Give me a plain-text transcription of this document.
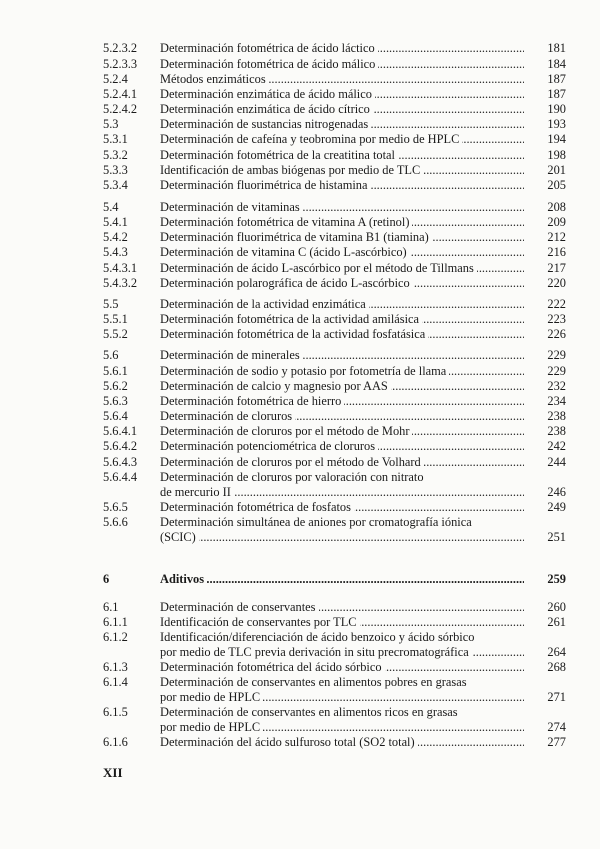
5.2.3.2 Determinación fotométrica de ácido láctico . . .	181
5.2.3.3 Determinación fotométrica de ácido málico . . .	184
5.2.4	Métodos enzimáticos . . .	187
5.2.4.1 Determinación enzimática de ácido málico . . .	187
5.2.4.2 Determinación enzimática de ácido cítrico . . .	190
5.3	Determinación de sustancias nitrogenadas . . .	193
5.3.1	Determinación de cafeína y teobromina por medio de HPLC . . .	194
5.3.2	Determinación fotométrica de la creatitina total . . .	198
5.3.3	Identificación de ambas biógenas por medio de TLC . . .	201
5.3.4	Determinación fluorimétrica de histamina . . .	205
5.4	Determinación de vitaminas . . .	208
5.4.1	Determinación fotométrica de vitamina A (retinol) . . .	209
5.4.2	Determinación fluorimétrica de vitamina B1 (tiamina) . . .	212
5.4.3	Determinación de vitamina C (ácido L-ascórbico) . . .	216
5.4.3.1 Determinación de ácido L-ascórbico por el método de Tillmans . . .	217
5.4.3.2 Determinación polarográfica de ácido L-ascórbico . . .	220
5.5	Determinación de la actividad enzimática . . .	222
5.5.1	Determinación fotométrica de la actividad amilásica . . .	223
5.5.2	Determinación fotométrica de la actividad fosfatásica . . .	226
5.6	Determinación de minerales . . .	229
5.6.1	Determinación de sodio y potasio por fotometría de llama . . .	229
5.6.2	Determinación de calcio y magnesio por AAS . . .	232
5.6.3	Determinación fotométrica de hierro . . .	234
5.6.4	Determinación de cloruros . . .	238
5.6.4.1 Determinación de cloruros por el método de Mohr . . .	238
5.6.4.2 Determinación potenciométrica de cloruros . . .	242
5.6.4.3 Determinación de cloruros por el método de Volhard . . .	244
5.6.4.4 Determinación de cloruros por valoración con nitrato
de mercurio II . . .	246
5.6.5	Determinación fotométrica de fosfatos . . .	249
5.6.6	Determinación simultánea de aniones por cromatografía iónica
(SCIC) . . .	251
6	Aditivos . . .	259
6.1	Determinación de conservantes . . .	260
6.1.1	Identificación de conservantes por TLC . . .	261
6.1.2	Identificación/diferenciación de ácido benzoico y ácido sórbico
por medio de TLC previa derivación in situ precromatográfica . . .	264
6.1.3	Determinación fotométrica del ácido sórbico . . .	268
6.1.4	Determinación de conservantes en alimentos pobres en grasas
por medio de HPLC . . .	271
6.1.5	Determinación de conservantes en alimentos ricos en grasas
por medio de HPLC . . .	274
6.1.6	Determinación del ácido sulfuroso total (SO2 total) . . .	277
XII
